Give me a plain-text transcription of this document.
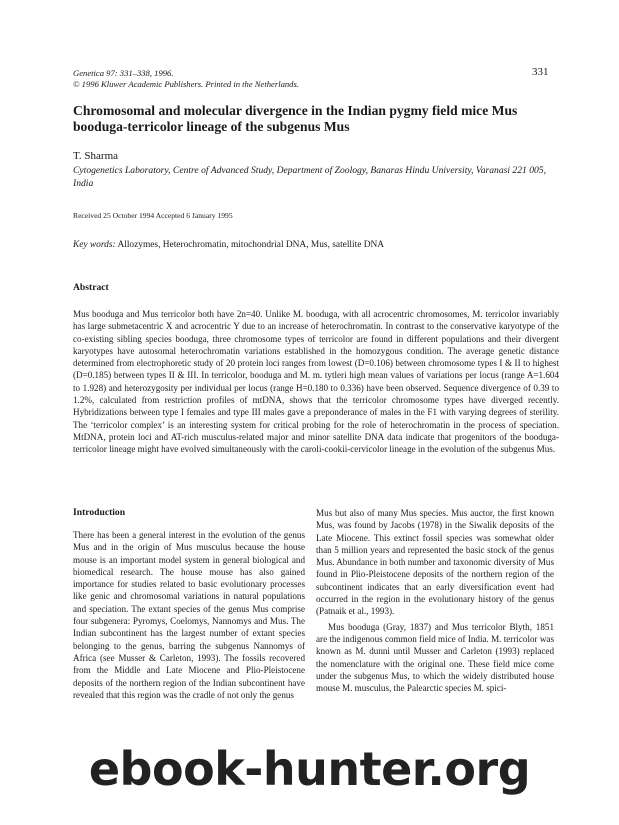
Genetica 97: 331–338, 1996.
© 1996 Kluwer Academic Publishers. Printed in the Netherlands.
331
Chromosomal and molecular divergence in the Indian pygmy field mice Mus booduga-terricolor lineage of the subgenus Mus
T. Sharma
Cytogenetics Laboratory, Centre of Advanced Study, Department of Zoology, Banaras Hindu University, Varanasi 221 005, India
Received 25 October 1994 Accepted 6 January 1995
Key words: Allozymes, Heterochromatin, mitochondrial DNA, Mus, satellite DNA
Abstract
Mus booduga and Mus terricolor both have 2n=40. Unlike M. booduga, with all acrocentric chromosomes, M. terricolor invariably has large submetacentric X and acrocentric Y due to an increase of heterochromatin. In contrast to the conservative karyotype of the co-existing sibling species booduga, three chromosome types of terricolor are found in different populations and their divergent karyotypes have autosomal heterochromatin variations established in the homozygous condition. The average genetic distance determined from electrophoretic study of 20 protein loci ranges from lowest (D=0.106) between chromosome types I & II to highest (D=0.185) between types II & III. In terricolor, booduga and M. m. tytleri high mean values of variations per locus (range A=1.604 to 1.928) and heterozygosity per individual per locus (range H=0.180 to 0.336) have been observed. Sequence divergence of 0.39 to 1.2%, calculated from restriction profiles of mtDNA, shows that the terricolor chromosome types have diverged recently. Hybridizations between type I females and type III males gave a preponderance of males in the F1 with varying degrees of sterility. The ‘terricolor complex’ is an interesting system for critical probing for the role of heterochromatin in the process of speciation. MtDNA, protein loci and AT-rich musculus-related major and minor satellite DNA data indicate that progenitors of the booduga-terricolor lineage might have evolved simultaneously with the caroli-cookii-cervicolor lineage in the evolution of the subgenus Mus.
Introduction

There has been a general interest in the evolution of the genus Mus and in the origin of Mus musculus because the house mouse is an important model system in general biological and biomedical research. The house mouse has also gained importance for studies related to basic evolutionary processes like genic and chromosomal variations in natural populations and speciation. The extant species of the genus Mus comprise four subgenera: Pyromys, Coelomys, Nannomys and Mus. The Indian subcontinent has the largest number of extant species belonging to the genus, barring the subgenus Nannomys of Africa (see Musser & Carleton, 1993). The fossils recovered from the Middle and Late Miocene and Plio-Pleistocene deposits of the northern region of the Indian subcontinent have revealed that this region was the cradle of not only the genus

Mus but also of many Mus species. Mus auctor, the first known Mus, was found by Jacobs (1978) in the Siwalik deposits of the Late Miocene. This extinct fossil species was somewhat older than 5 million years and represented the basic stock of the genus Mus. Abundance in both number and taxonomic diversity of Mus found in Plio-Pleistocene deposits of the northern region of the subcontinent indicates that an early diversification event had occurred in the region in the evolutionary history of the genus (Patnaik et al., 1993).

Mus booduga (Gray, 1837) and Mus terricolor Blyth, 1851 are the indigenous common field mice of India. M. terricolor was known as M. dunni until Musser and Carleton (1993) replaced the nomenclature with the original one. These field mice come under the subgenus Mus, to which the widely distributed house mouse M. musculus, the Palearctic species M. spici-

ebook-hunter.org
